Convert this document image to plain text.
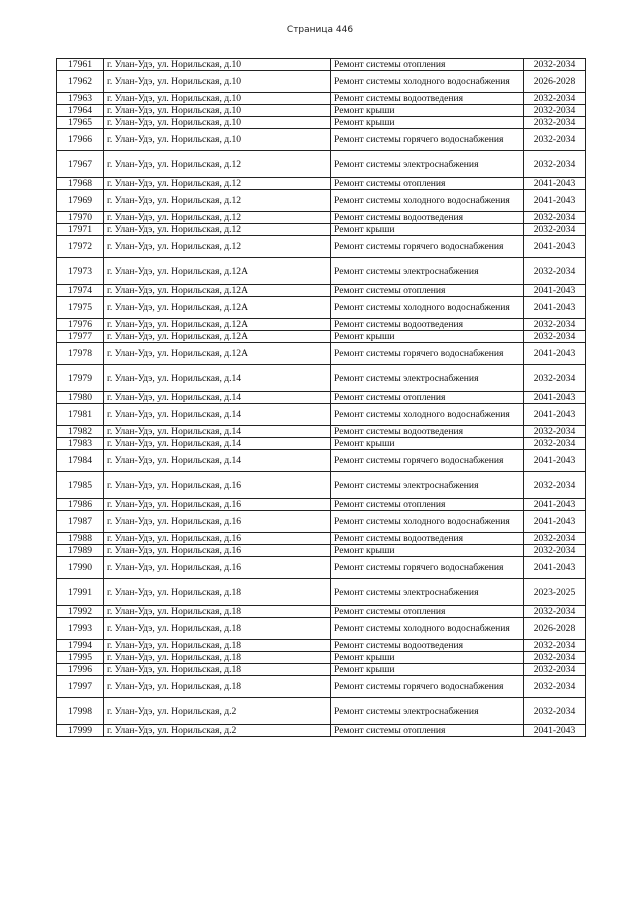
Страница 446
17961	г. Улан-Удэ, ул. Норильская, д.10	Ремонт системы отопления	2032-2034
17962	г. Улан-Удэ, ул. Норильская, д.10	Ремонт системы холодного водоснабжения	2026-2028
17963	г. Улан-Удэ, ул. Норильская, д.10	Ремонт системы водоотведения	2032-2034
17964	г. Улан-Удэ, ул. Норильская, д.10	Ремонт крыши	2032-2034
17965	г. Улан-Удэ, ул. Норильская, д.10	Ремонт крыши	2032-2034
17966	г. Улан-Удэ, ул. Норильская, д.10	Ремонт системы горячего водоснабжения	2032-2034
17967	г. Улан-Удэ, ул. Норильская, д.12	Ремонт системы электроснабжения	2032-2034
17968	г. Улан-Удэ, ул. Норильская, д.12	Ремонт системы отопления	2041-2043
17969	г. Улан-Удэ, ул. Норильская, д.12	Ремонт системы холодного водоснабжения	2041-2043
17970	г. Улан-Удэ, ул. Норильская, д.12	Ремонт системы водоотведения	2032-2034
17971	г. Улан-Удэ, ул. Норильская, д.12	Ремонт крыши	2032-2034
17972	г. Улан-Удэ, ул. Норильская, д.12	Ремонт системы горячего водоснабжения	2041-2043
17973	г. Улан-Удэ, ул. Норильская, д.12А	Ремонт системы электроснабжения	2032-2034
17974	г. Улан-Удэ, ул. Норильская, д.12А	Ремонт системы отопления	2041-2043
17975	г. Улан-Удэ, ул. Норильская, д.12А	Ремонт системы холодного водоснабжения	2041-2043
17976	г. Улан-Удэ, ул. Норильская, д.12А	Ремонт системы водоотведения	2032-2034
17977	г. Улан-Удэ, ул. Норильская, д.12А	Ремонт крыши	2032-2034
17978	г. Улан-Удэ, ул. Норильская, д.12А	Ремонт системы горячего водоснабжения	2041-2043
17979	г. Улан-Удэ, ул. Норильская, д.14	Ремонт системы электроснабжения	2032-2034
17980	г. Улан-Удэ, ул. Норильская, д.14	Ремонт системы отопления	2041-2043
17981	г. Улан-Удэ, ул. Норильская, д.14	Ремонт системы холодного водоснабжения	2041-2043
17982	г. Улан-Удэ, ул. Норильская, д.14	Ремонт системы водоотведения	2032-2034
17983	г. Улан-Удэ, ул. Норильская, д.14	Ремонт крыши	2032-2034
17984	г. Улан-Удэ, ул. Норильская, д.14	Ремонт системы горячего водоснабжения	2041-2043
17985	г. Улан-Удэ, ул. Норильская, д.16	Ремонт системы электроснабжения	2032-2034
17986	г. Улан-Удэ, ул. Норильская, д.16	Ремонт системы отопления	2041-2043
17987	г. Улан-Удэ, ул. Норильская, д.16	Ремонт системы холодного водоснабжения	2041-2043
17988	г. Улан-Удэ, ул. Норильская, д.16	Ремонт системы водоотведения	2032-2034
17989	г. Улан-Удэ, ул. Норильская, д.16	Ремонт крыши	2032-2034
17990	г. Улан-Удэ, ул. Норильская, д.16	Ремонт системы горячего водоснабжения	2041-2043
17991	г. Улан-Удэ, ул. Норильская, д.18	Ремонт системы электроснабжения	2023-2025
17992	г. Улан-Удэ, ул. Норильская, д.18	Ремонт системы отопления	2032-2034
17993	г. Улан-Удэ, ул. Норильская, д.18	Ремонт системы холодного водоснабжения	2026-2028
17994	г. Улан-Удэ, ул. Норильская, д.18	Ремонт системы водоотведения	2032-2034
17995	г. Улан-Удэ, ул. Норильская, д.18	Ремонт крыши	2032-2034
17996	г. Улан-Удэ, ул. Норильская, д.18	Ремонт крыши	2032-2034
17997	г. Улан-Удэ, ул. Норильская, д.18	Ремонт системы горячего водоснабжения	2032-2034
17998	г. Улан-Удэ, ул. Норильская, д.2	Ремонт системы электроснабжения	2032-2034
17999	г. Улан-Удэ, ул. Норильская, д.2	Ремонт системы отопления	2041-2043
